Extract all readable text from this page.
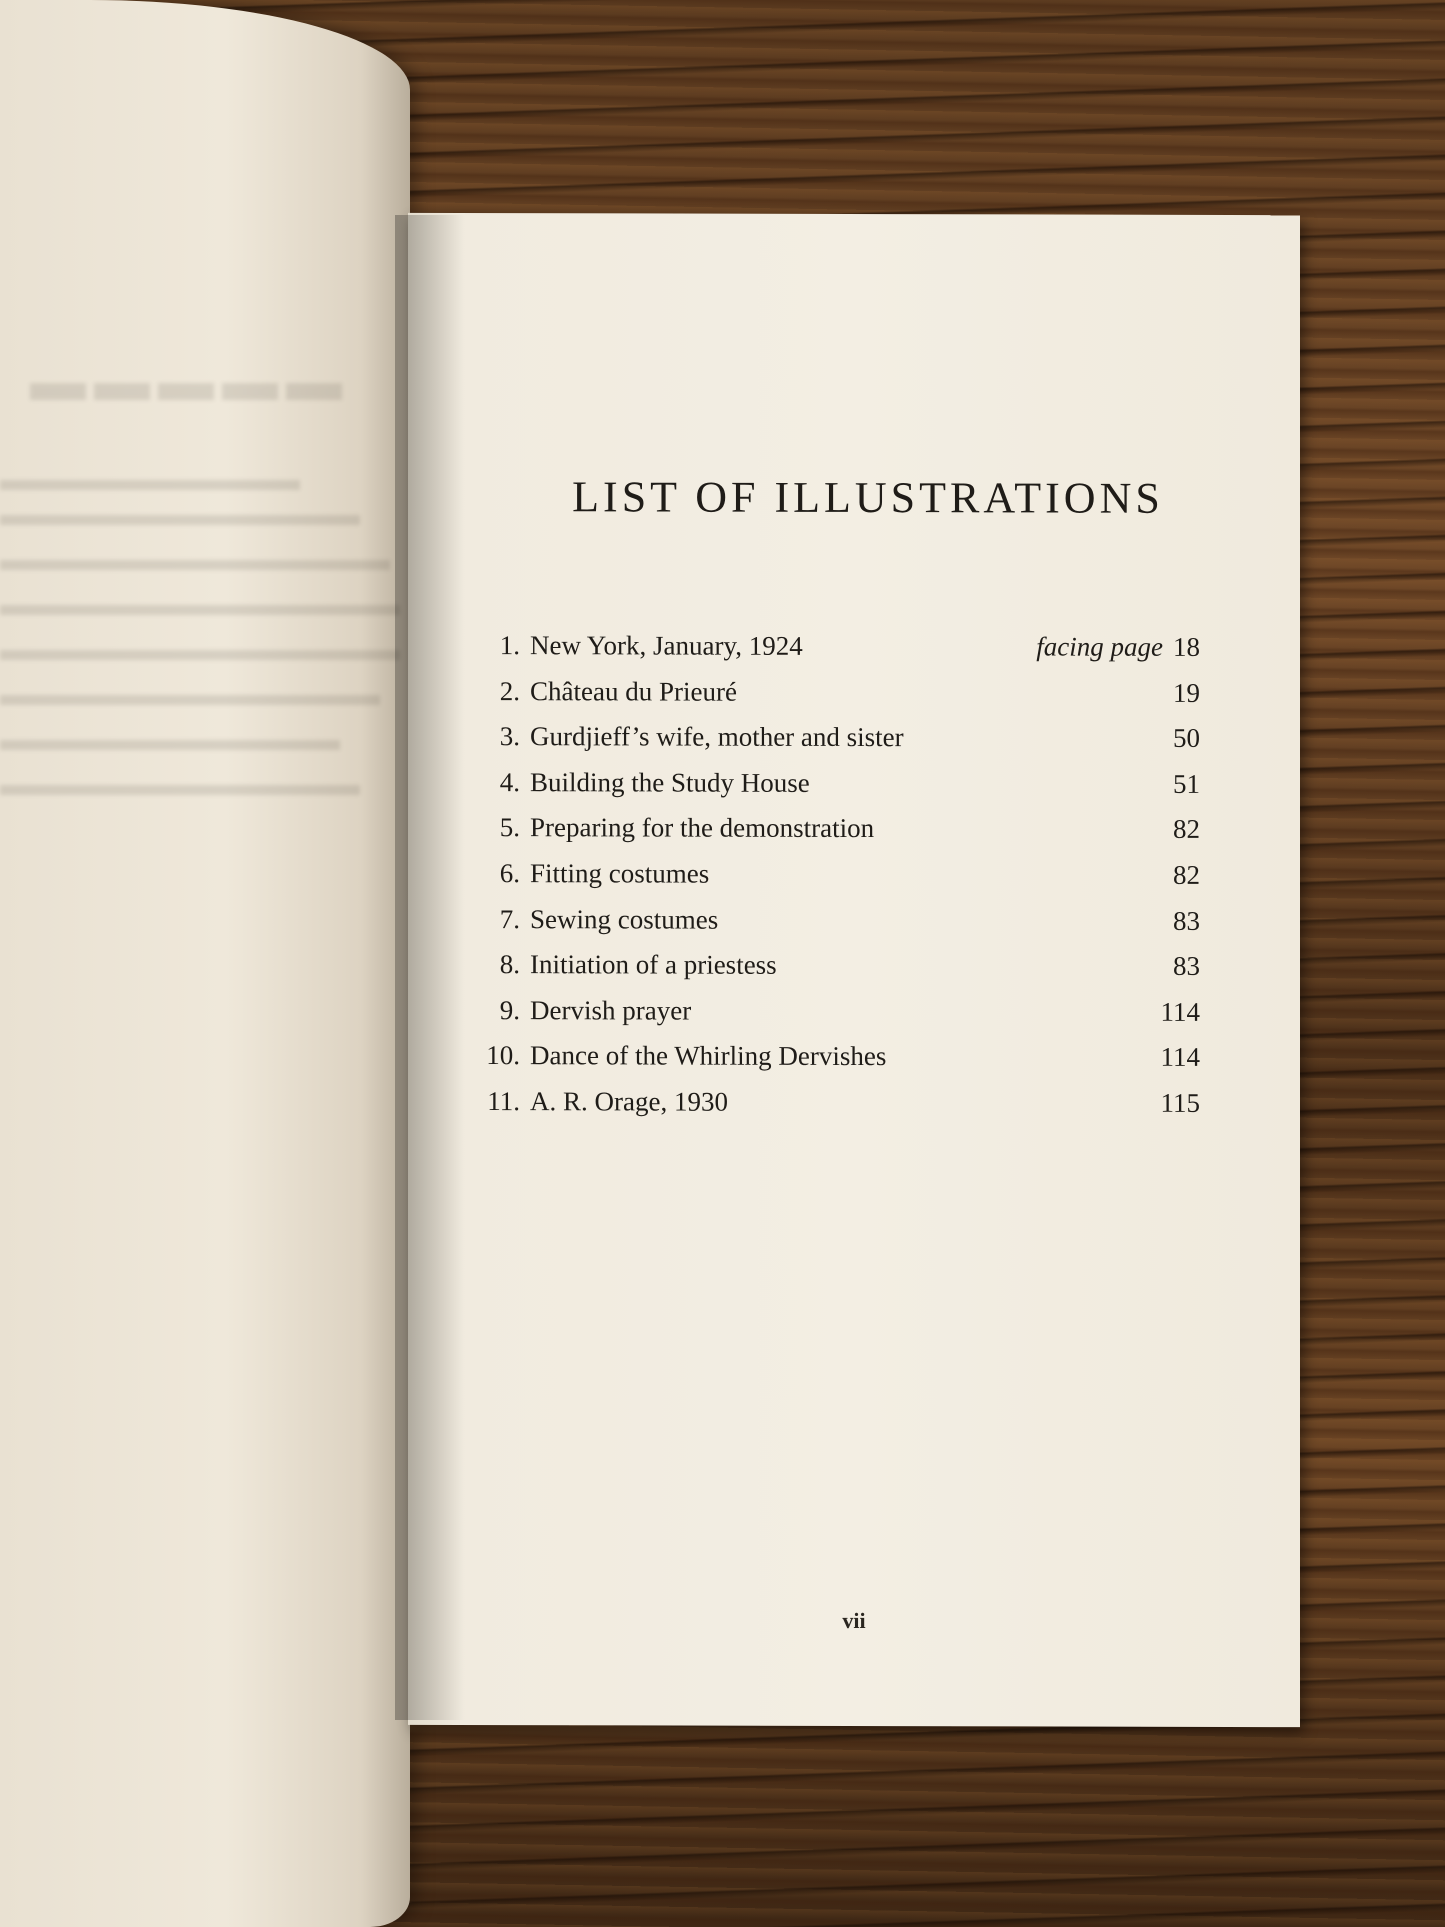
▬▬▬▬▬
LIST OF ILLUSTRATIONS
1. New York, January, 1924	facing page 18
2. Château du Prieuré	19
3. Gurdjieff’s wife, mother and sister	50
4. Building the Study House	51
5. Preparing for the demonstration	82
6. Fitting costumes	82
7. Sewing costumes	83
8. Initiation of a priestess	83
9. Dervish prayer	114
10. Dance of the Whirling Dervishes	114
11. A. R. Orage, 1930	115
vii
